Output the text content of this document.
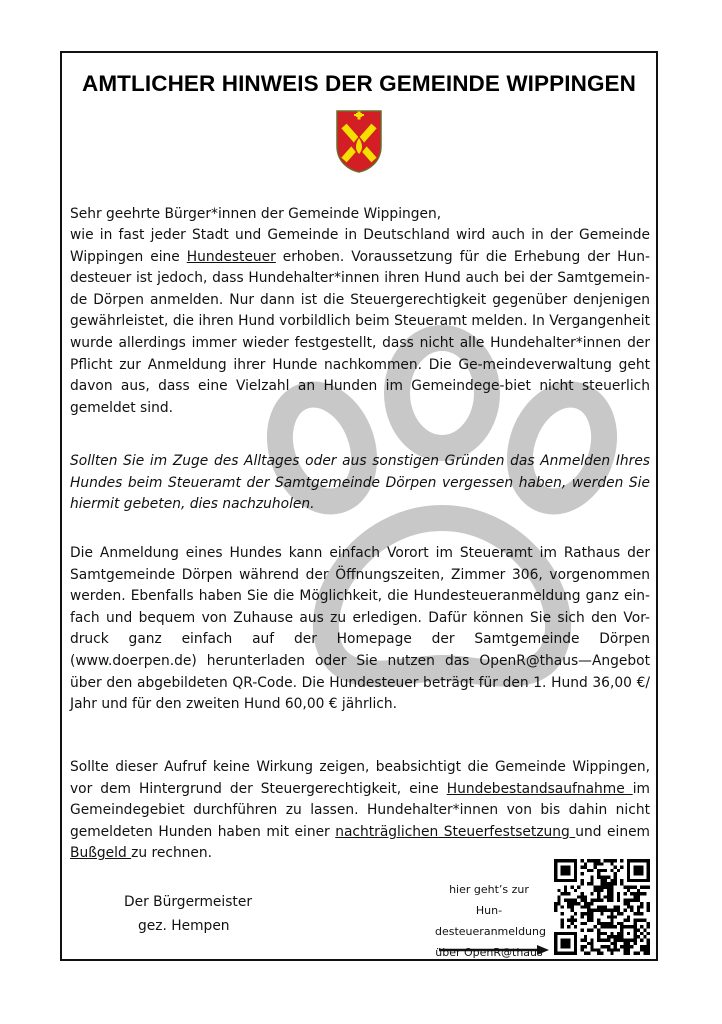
AMTLICHER HINWEIS DER GEMEINDE WIPPINGEN

Sehr geehrte Bürger*innen der Gemeinde Wippingen,

wie in fast jeder Stadt und Gemeinde in Deutschland wird auch in der Gemeinde Wippingen eine Hundesteuer erhoben. Voraussetzung für die Erhebung der Hun-desteuer ist jedoch, dass Hundehalter*innen ihren Hund auch bei der Samtgemein-de Dörpen anmelden. Nur dann ist die Steuergerechtigkeit gegenüber denjenigen gewährleistet, die ihren Hund vorbildlich beim Steueramt melden. In Vergangenheit wurde allerdings immer wieder festgestellt, dass nicht alle Hundehalter*innen der Pflicht zur Anmeldung ihrer Hunde nachkommen. Die Ge-meindeverwaltung geht davon aus, dass eine Vielzahl an Hunden im Gemeindege-biet nicht steuerlich gemeldet sind.

Sollten Sie im Zuge des Alltages oder aus sonstigen Gründen das Anmelden Ihres Hundes beim Steueramt der Samtgemeinde Dörpen vergessen haben, werden Sie hiermit gebeten, dies nachzuholen.

Die Anmeldung eines Hundes kann einfach Vorort im Steueramt im Rathaus der Samtgemeinde Dörpen während der Öffnungszeiten, Zimmer 306, vorgenommen werden. Ebenfalls haben Sie die Möglichkeit, die Hundesteueranmeldung ganz ein-fach und bequem von Zuhause aus zu erledigen. Dafür können Sie sich den Vor-druck ganz einfach auf der Homepage der Samtgemeinde Dörpen (www.doerpen.de) herunterladen oder Sie nutzen das OpenR@thaus—Angebot über den abgebildeten QR-Code. Die Hundesteuer beträgt für den 1. Hund 36,00 €/ Jahr und für den zweiten Hund 60,00 € jährlich.

Sollte dieser Aufruf keine Wirkung zeigen, beabsichtigt die Gemeinde Wippingen, vor dem Hintergrund der Steuergerechtigkeit, eine Hundebestandsaufnahme im Gemeindegebiet durchführen zu lassen. Hundehalter*innen von bis dahin nicht gemeldeten Hunden haben mit einer nachträglichen Steuerfestsetzung und einem Bußgeld zu rechnen.

Der Bürgermeister
gez. Hempen
hier geht’s zur Hun-
desteueranmeldung
über OpenR@thaus
